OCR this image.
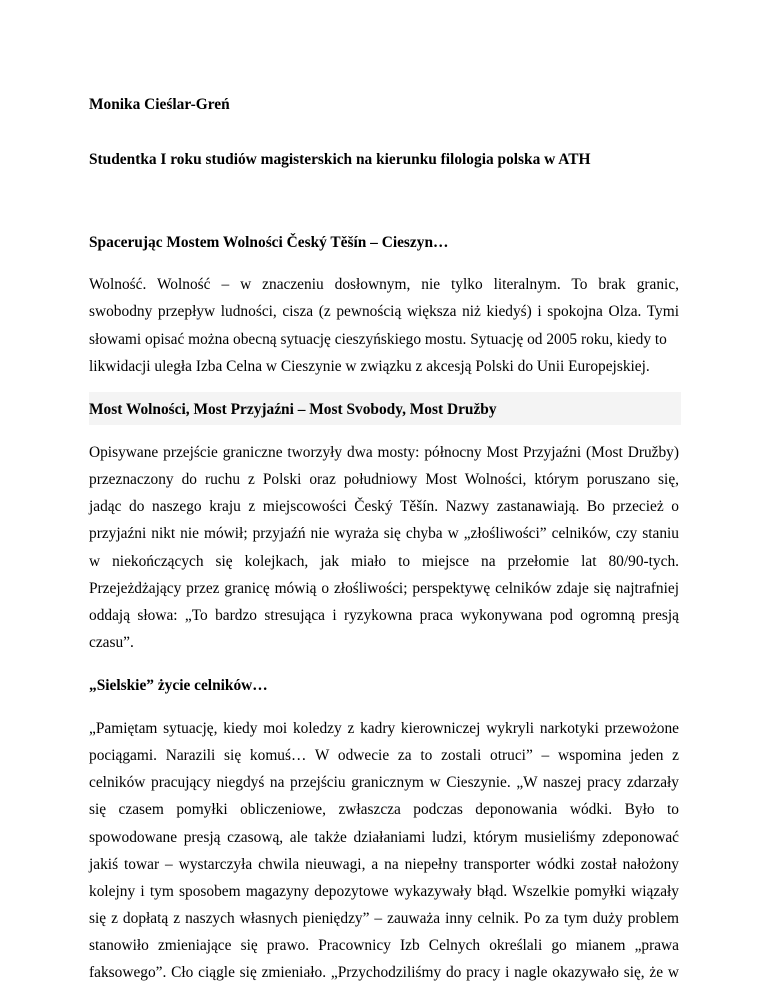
Monika Cieślar-Greń
Studentka I roku studiów magisterskich na kierunku filologia polska w ATH
Spacerując Mostem Wolności Český Těšín – Cieszyn…
Wolność. Wolność – w znaczeniu dosłownym, nie tylko literalnym. To brak granic,
swobodny przepływ ludności, cisza (z pewnością większa niż kiedyś) i spokojna Olza. Tymi
słowami opisać można obecną sytuację cieszyńskiego mostu. Sytuację od 2005 roku, kiedy to
likwidacji uległa Izba Celna w Cieszynie w związku z akcesją Polski do Unii Europejskiej.
Most Wolności, Most Przyjaźni – Most Svobody, Most Družby
Opisywane przejście graniczne tworzyły dwa mosty: północny Most Przyjaźni (Most Družby)
przeznaczony do ruchu z Polski oraz południowy Most Wolności, którym poruszano się,
jadąc do naszego kraju z miejscowości Český Těšín. Nazwy zastanawiają. Bo przecież o
przyjaźni nikt nie mówił; przyjaźń nie wyraża się chyba w „złośliwości” celników, czy staniu
w niekończących się kolejkach, jak miało to miejsce na przełomie lat 80/90-tych.
Przejeżdżający przez granicę mówią o złośliwości; perspektywę celników zdaje się najtrafniej
oddają słowa: „To bardzo stresująca i ryzykowna praca wykonywana pod ogromną presją
czasu”.
„Sielskie” życie celników…
„Pamiętam sytuację, kiedy moi koledzy z kadry kierowniczej wykryli narkotyki przewożone
pociągami. Narazili się komuś… W odwecie za to zostali otruci” – wspomina jeden z
celników pracujący niegdyś na przejściu granicznym w Cieszynie. „W naszej pracy zdarzały
się czasem pomyłki obliczeniowe, zwłaszcza podczas deponowania wódki. Było to
spowodowane presją czasową, ale także działaniami ludzi, którym musieliśmy zdeponować
jakiś towar – wystarczyła chwila nieuwagi, a na niepełny transporter wódki został nałożony
kolejny i tym sposobem magazyny depozytowe wykazywały błąd. Wszelkie pomyłki wiązały
się z dopłatą z naszych własnych pieniędzy” – zauważa inny celnik. Po za tym duży problem
stanowiło zmieniające się prawo. Pracownicy Izb Celnych określali go mianem „prawa
faksowego”. Cło ciągle się zmieniało. „Przychodziliśmy do pracy i nagle okazywało się, że w
